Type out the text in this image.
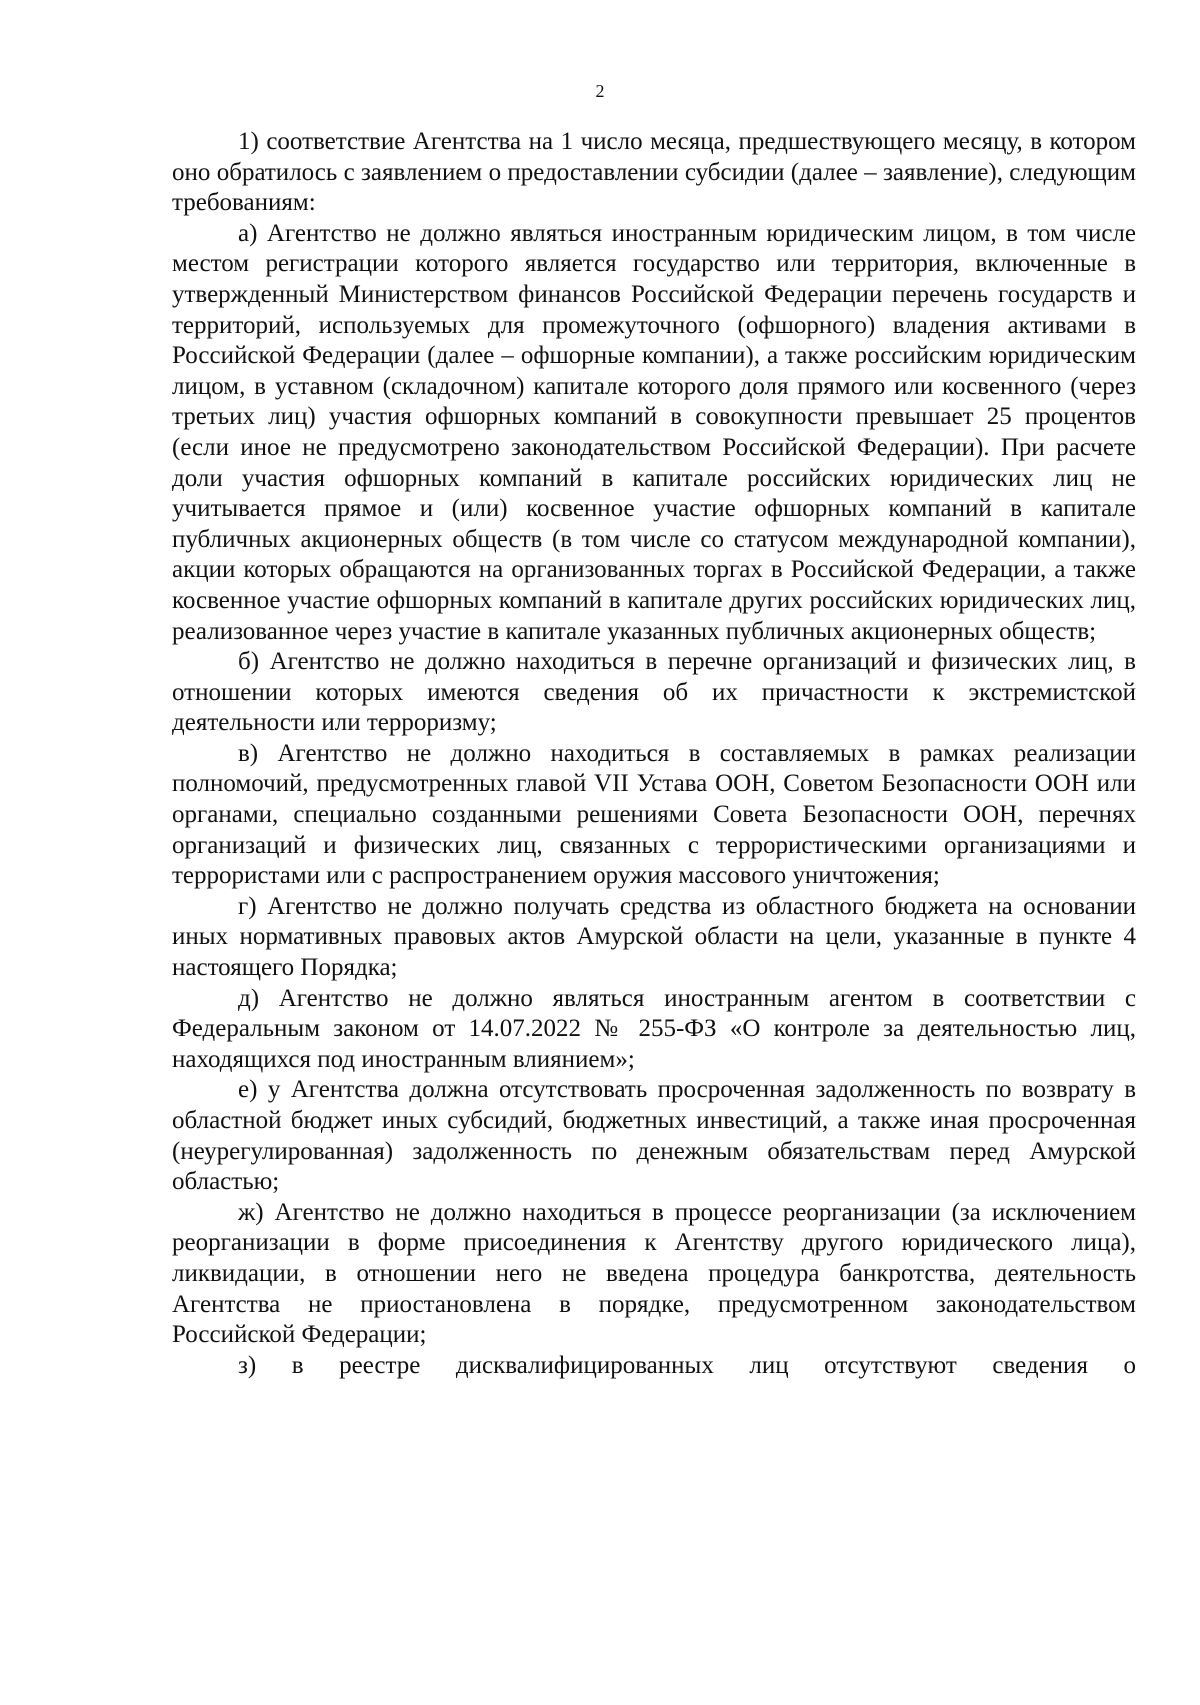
2

1) соответствие Агентства на 1 число месяца, предшествующего месяцу, в котором оно обратилось с заявлением о предоставлении субсидии (далее – заявление), следующим требованиям:

а) Агентство не должно являться иностранным юридическим лицом, в том числе местом регистрации которого является государство или территория, включенные в утвержденный Министерством финансов Российской Федерации перечень государств и территорий, используемых для промежуточного (офшорного) владения активами в Российской Федерации (далее – офшорные компании), а также российским юридическим лицом, в уставном (складочном) капитале которого доля прямого или косвенного (через третьих лиц) участия офшорных компаний в совокупности превышает 25 процентов (если иное не предусмотрено законодательством Российской Федерации). При расчете доли участия офшорных компаний в капитале российских юридических лиц не учитывается прямое и (или) косвенное участие офшорных компаний в капитале публичных акционерных обществ (в том числе со статусом международной компании), акции которых обращаются на организованных торгах в Российской Федерации, а также косвенное участие офшорных компаний в капитале других российских юридических лиц, реализованное через участие в капитале указанных публичных акционерных обществ;

б) Агентство не должно находиться в перечне организаций и физических лиц, в отношении которых имеются сведения об их причастности к экстремистской деятельности или терроризму;

в) Агентство не должно находиться в составляемых в рамках реализации полномочий, предусмотренных главой VII Устава ООН, Советом Безопасности ООН или органами, специально созданными решениями Совета Безопасности ООН, перечнях организаций и физических лиц, связанных с террористическими организациями и террористами или с распространением оружия массового уничтожения;

г) Агентство не должно получать средства из областного бюджета на основании иных нормативных правовых актов Амурской области на цели, указанные в пункте 4 настоящего Порядка;

д) Агентство не должно являться иностранным агентом в соответствии с Федеральным законом от 14.07.2022 № 255-ФЗ «О контроле за деятельностью лиц, находящихся под иностранным влиянием»;

е) у Агентства должна отсутствовать просроченная задолженность по возврату в областной бюджет иных субсидий, бюджетных инвестиций, а также иная просроченная (неурегулированная) задолженность по денежным обязательствам перед Амурской областью;

ж) Агентство не должно находиться в процессе реорганизации (за исключением реорганизации в форме присоединения к Агентству другого юридического лица), ликвидации, в отношении него не введена процедура банкротства, деятельность Агентства не приостановлена в порядке, предусмотренном законодательством Российской Федерации;

з) в реестре дисквалифицированных лиц отсутствуют сведения о
